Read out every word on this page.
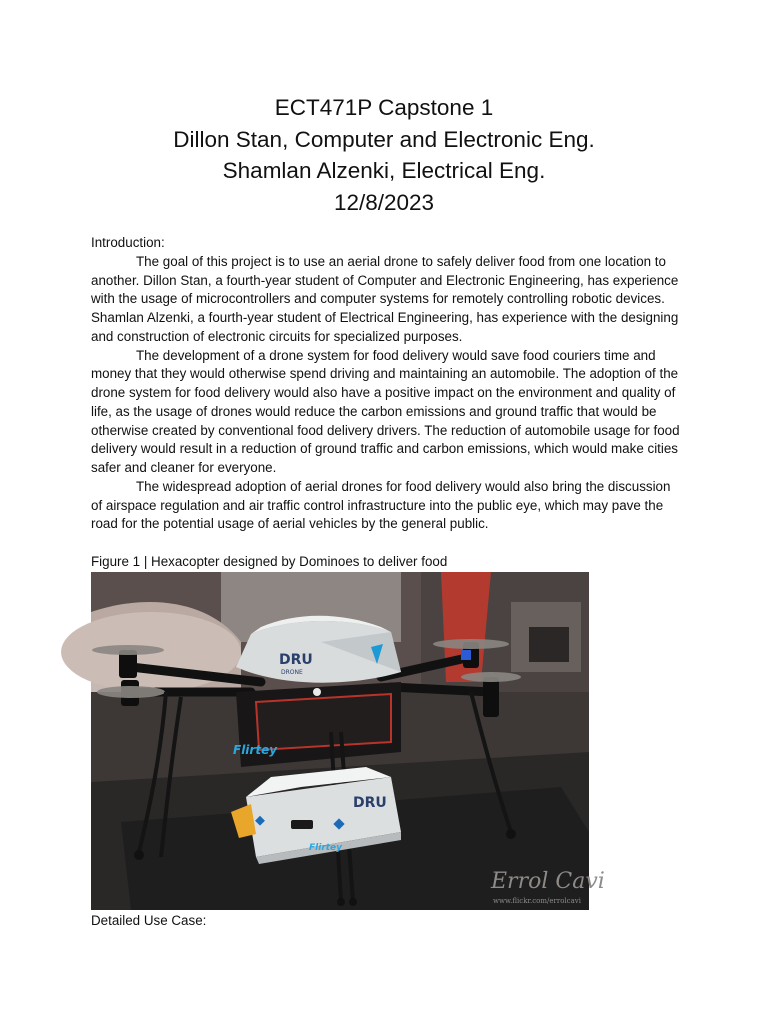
ECT471P Capstone 1
Dillon Stan, Computer and Electronic Eng.
Shamlan Alzenki, Electrical Eng.
12/8/2023

Introduction:

The goal of this project is to use an aerial drone to safely deliver food from one location to another. Dillon Stan, a fourth-year student of Computer and Electronic Engineering, has experience with the usage of microcontrollers and computer systems for remotely controlling robotic devices. Shamlan Alzenki, a fourth-year student of Electrical Engineering, has experience with the designing and construction of electronic circuits for specialized purposes.

The development of a drone system for food delivery would save food couriers time and money that they would otherwise spend driving and maintaining an automobile. The adoption of the drone system for food delivery would also have a positive impact on the environment and quality of life, as the usage of drones would reduce the carbon emissions and ground traffic that would be otherwise created by conventional food delivery drivers. The reduction of automobile usage for food delivery would result in a reduction of ground traffic and carbon emissions, which would make cities safer and cleaner for everyone.

The widespread adoption of aerial drones for food delivery would also bring the discussion of airspace regulation and air traffic control infrastructure into the public eye, which may pave the road for the potential usage of aerial vehicles by the general public.

Figure 1 | Hexacopter designed by Dominoes to deliver food
DRU
DRONE
Flirtey
DRU
Flirtey
Errol Cavi
www.flickr.com/errolcavi
Detailed Use Case:
